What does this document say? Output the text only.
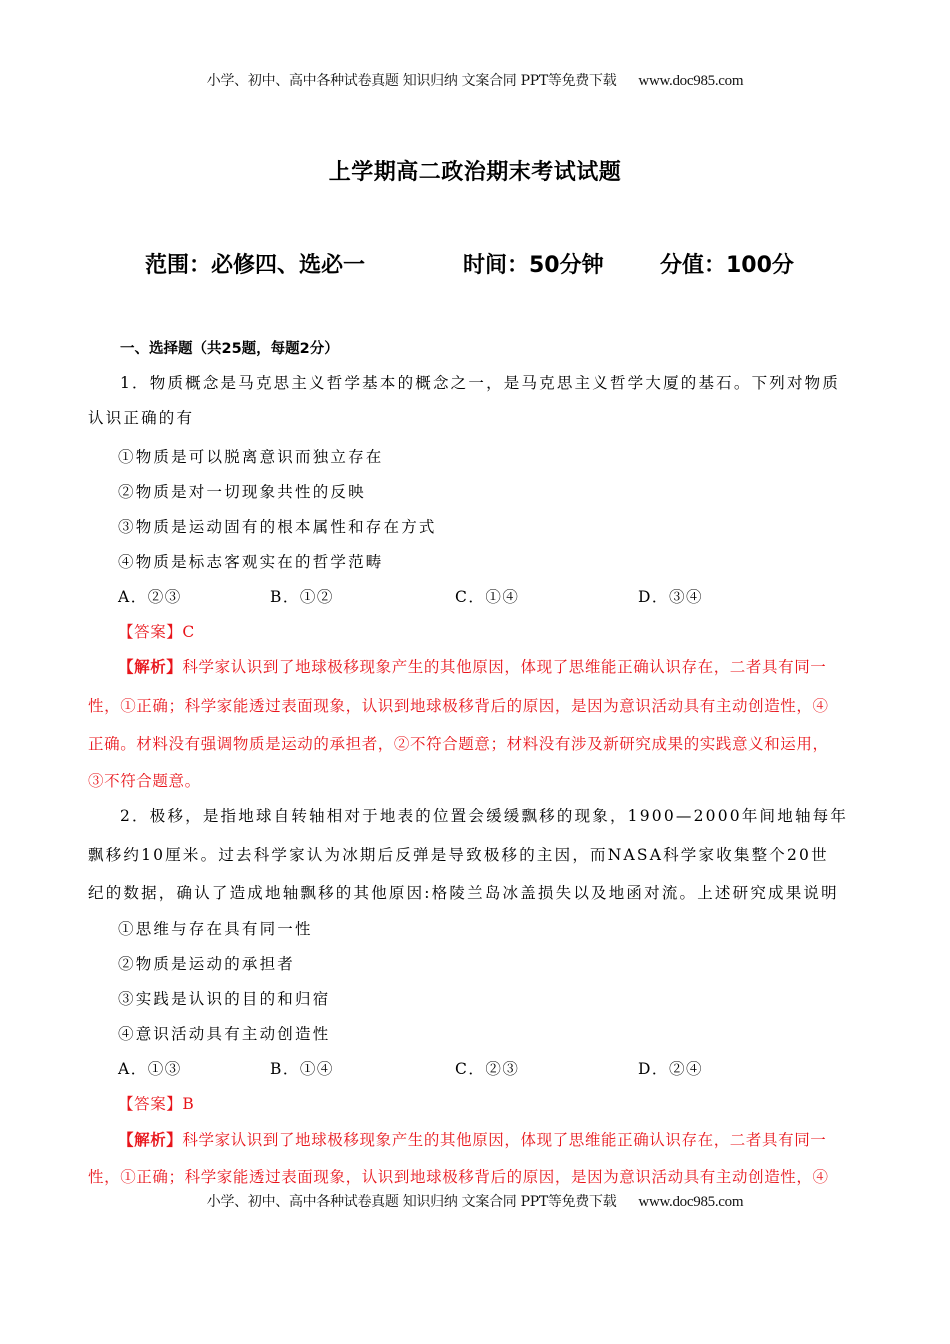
小学、初中、高中各种试卷真题 知识归纳 文案合同 PPT等免费下载 www.doc985.com
上学期高二政治期末考试试题
范围：必修四、选必一	时间：50分钟	分值：100分
一、选择题（共25题，每题2分）
1．物质概念是马克思主义哲学基本的概念之一，是马克思主义哲学大厦的基石。下列对物质
认识正确的有
①物质是可以脱离意识而独立存在
②物质是对一切现象共性的反映
③物质是运动固有的根本属性和存在方式
④物质是标志客观实在的哲学范畴
A．②③	B．①②	C．①④	D．③④
【答案】C
【解析】科学家认识到了地球极移现象产生的其他原因，体现了思维能正确认识存在，二者具有同一
性，①正确；科学家能透过表面现象，认识到地球极移背后的原因，是因为意识活动具有主动创造性，④
正确。材料没有强调物质是运动的承担者，②不符合题意；材料没有涉及新研究成果的实践意义和运用，
③不符合题意。
2．极移，是指地球自转轴相对于地表的位置会缓缓飘移的现象，1900—2000年间地轴每年
飘移约10厘米。过去科学家认为冰期后反弹是导致极移的主因，而NASA科学家收集整个20世
纪的数据，确认了造成地轴飘移的其他原因:格陵兰岛冰盖损失以及地函对流。上述研究成果说明
①思维与存在具有同一性
②物质是运动的承担者
③实践是认识的目的和归宿
④意识活动具有主动创造性
A．①③	B．①④	C．②③	D．②④
【答案】B
【解析】科学家认识到了地球极移现象产生的其他原因，体现了思维能正确认识存在，二者具有同一
性，①正确；科学家能透过表面现象，认识到地球极移背后的原因，是因为意识活动具有主动创造性，④
小学、初中、高中各种试卷真题 知识归纳 文案合同 PPT等免费下载 www.doc985.com
